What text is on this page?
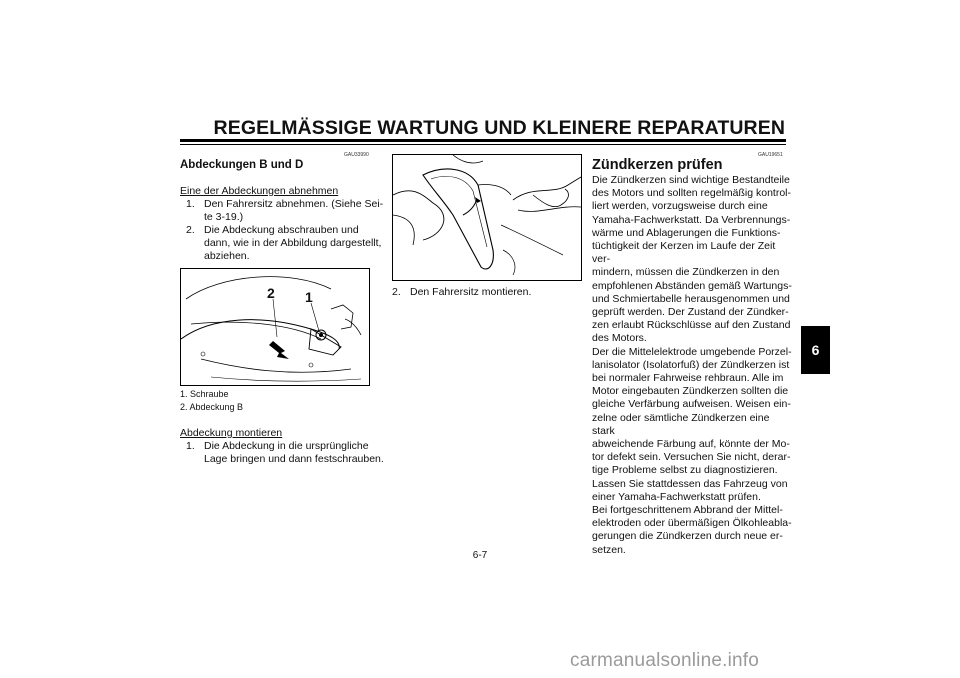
REGELMÄSSIGE WARTUNG UND KLEINERE REPARATUREN
6
GAU33990
Abdeckungen B und D
Eine der Abdeckungen abnehmen
1. Den Fahrersitz abnehmen. (Siehe Sei-
te 3-19.)
2. Die Abdeckung abschrauben und
dann, wie in der Abbildung dargestellt,
abziehen.
2 1
1. Schraube
2. Abdeckung B
Abdeckung montieren
1. Die Abdeckung in die ursprüngliche
Lage bringen und dann festschrauben.
2. Den Fahrersitz montieren.
GAU19651
Zündkerzen prüfen
Die Zündkerzen sind wichtige Bestandteile
des Motors und sollten regelmäßig kontrol-
liert werden, vorzugsweise durch eine
Yamaha-Fachwerkstatt. Da Verbrennungs-
wärme und Ablagerungen die Funktions-
tüchtigkeit der Kerzen im Laufe der Zeit ver-
mindern, müssen die Zündkerzen in den
empfohlenen Abständen gemäß Wartungs-
und Schmiertabelle herausgenommen und
geprüft werden. Der Zustand der Zündker-
zen erlaubt Rückschlüsse auf den Zustand
des Motors.
Der die Mittelelektrode umgebende Porzel-
lanisolator (Isolatorfuß) der Zündkerzen ist
bei normaler Fahrweise rehbraun. Alle im
Motor eingebauten Zündkerzen sollten die
gleiche Verfärbung aufweisen. Weisen ein-
zelne oder sämtliche Zündkerzen eine stark
abweichende Färbung auf, könnte der Mo-
tor defekt sein. Versuchen Sie nicht, derar-
tige Probleme selbst zu diagnostizieren.
Lassen Sie stattdessen das Fahrzeug von
einer Yamaha-Fachwerkstatt prüfen.
Bei fortgeschrittenem Abbrand der Mittel-
elektroden oder übermäßigen Ölkohleabla-
gerungen die Zündkerzen durch neue er-
setzen.
6-7
carmanualsonline.info
